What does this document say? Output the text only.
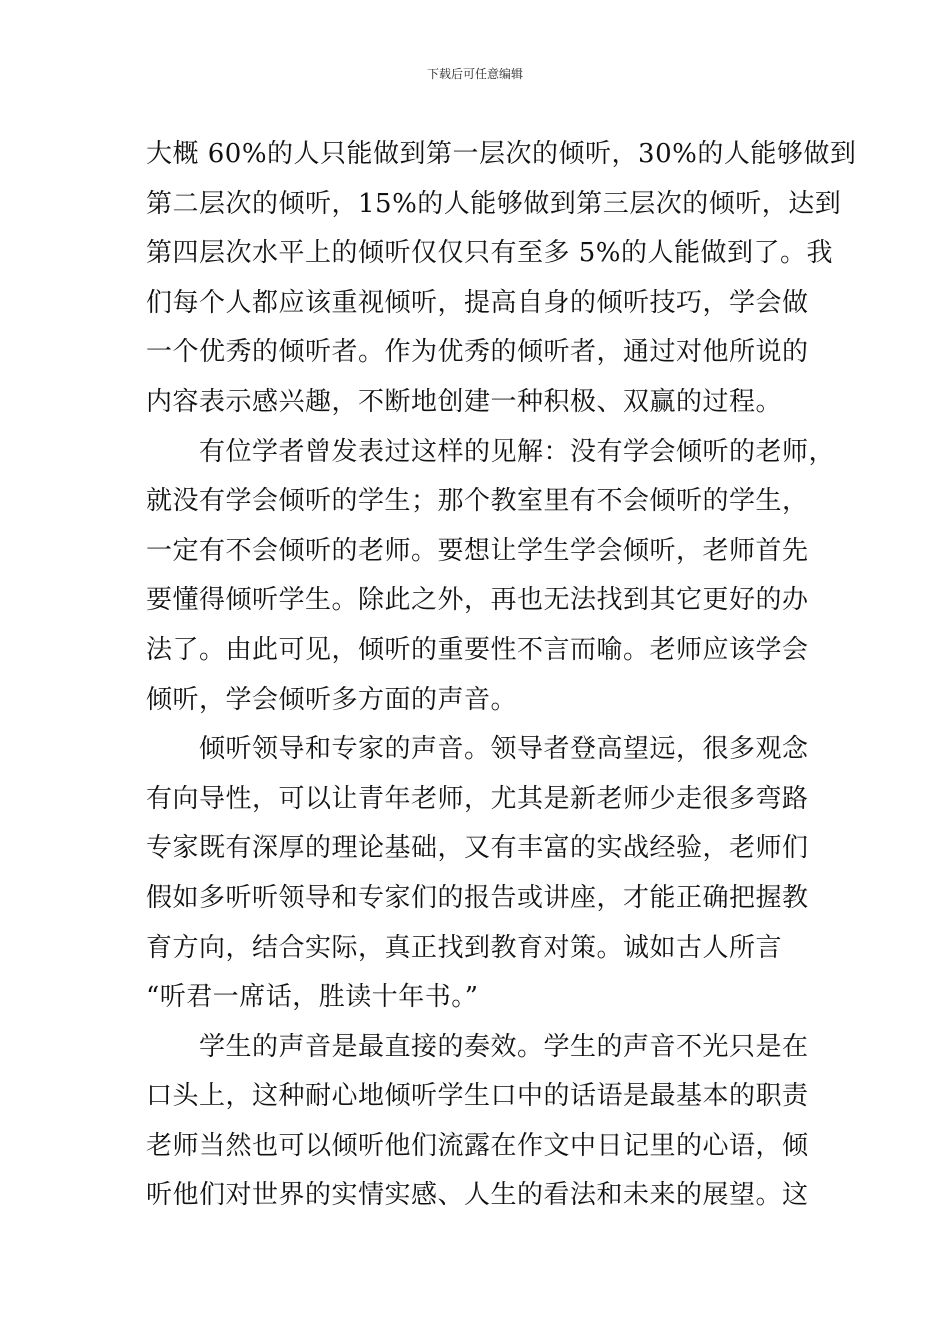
下载后可任意编辑
大概 60%的人只能做到第一层次的倾听，30%的人能够做到
第二层次的倾听，15%的人能够做到第三层次的倾听，达到
第四层次水平上的倾听仅仅只有至多 5%的人能做到了。我
们每个人都应该重视倾听，提高自身的倾听技巧，学会做
一个优秀的倾听者。作为优秀的倾听者，通过对他所说的
内容表示感兴趣，不断地创建一种积极、双赢的过程。
　　有位学者曾发表过这样的见解：没有学会倾听的老师，
就没有学会倾听的学生；那个教室里有不会倾听的学生，
一定有不会倾听的老师。要想让学生学会倾听，老师首先
要懂得倾听学生。除此之外，再也无法找到其它更好的办
法了。由此可见，倾听的重要性不言而喻。老师应该学会
倾听，学会倾听多方面的声音。
　　倾听领导和专家的声音。领导者登高望远，很多观念
有向导性，可以让青年老师，尤其是新老师少走很多弯路
专家既有深厚的理论基础，又有丰富的实战经验，老师们
假如多听听领导和专家们的报告或讲座，才能正确把握教
育方向，结合实际，真正找到教育对策。诚如古人所言
“听君一席话，胜读十年书。”
　　学生的声音是最直接的奏效。学生的声音不光只是在
口头上，这种耐心地倾听学生口中的话语是最基本的职责
老师当然也可以倾听他们流露在作文中日记里的心语，倾
听他们对世界的实情实感、人生的看法和未来的展望。这
